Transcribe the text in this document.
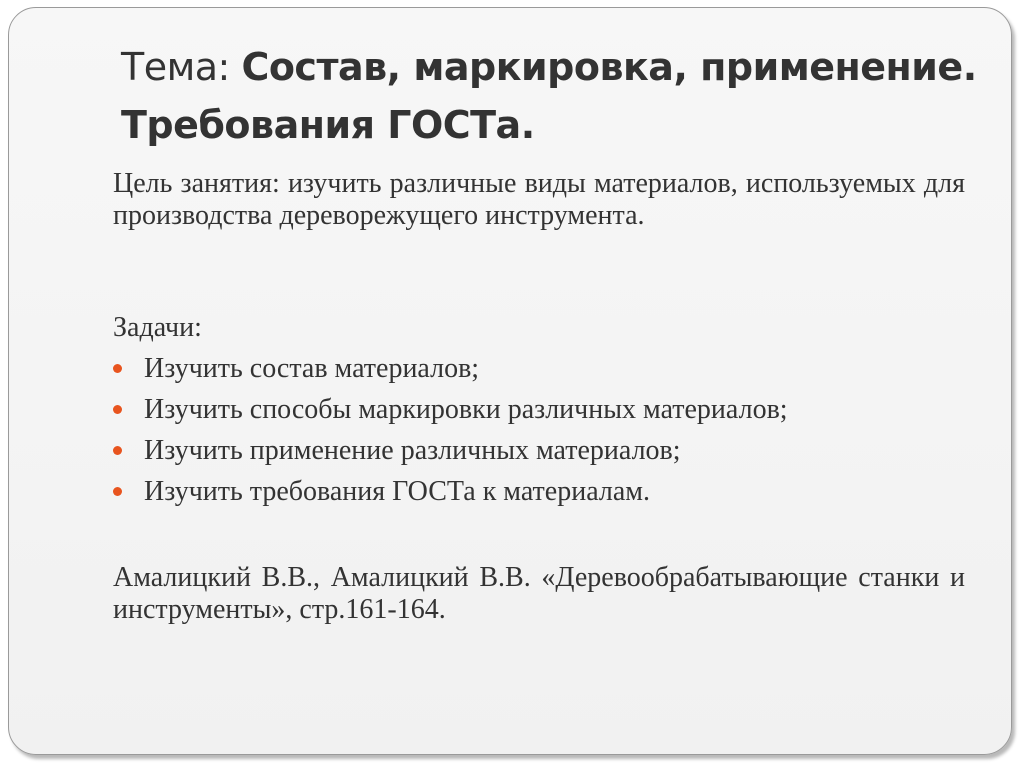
Тема: Состав, маркировка, применение. Требования ГОСТа.
Цель занятия: изучить различные виды материалов, используемых для производства дереворежущего инструмента.
Задачи:
Изучить состав материалов;
Изучить способы маркировки различных материалов;
Изучить применение различных материалов;
Изучить требования ГОСТа к материалам.
Амалицкий В.В., Амалицкий В.В. «Деревообрабатывающие станки и инструменты», стр.161-164.
